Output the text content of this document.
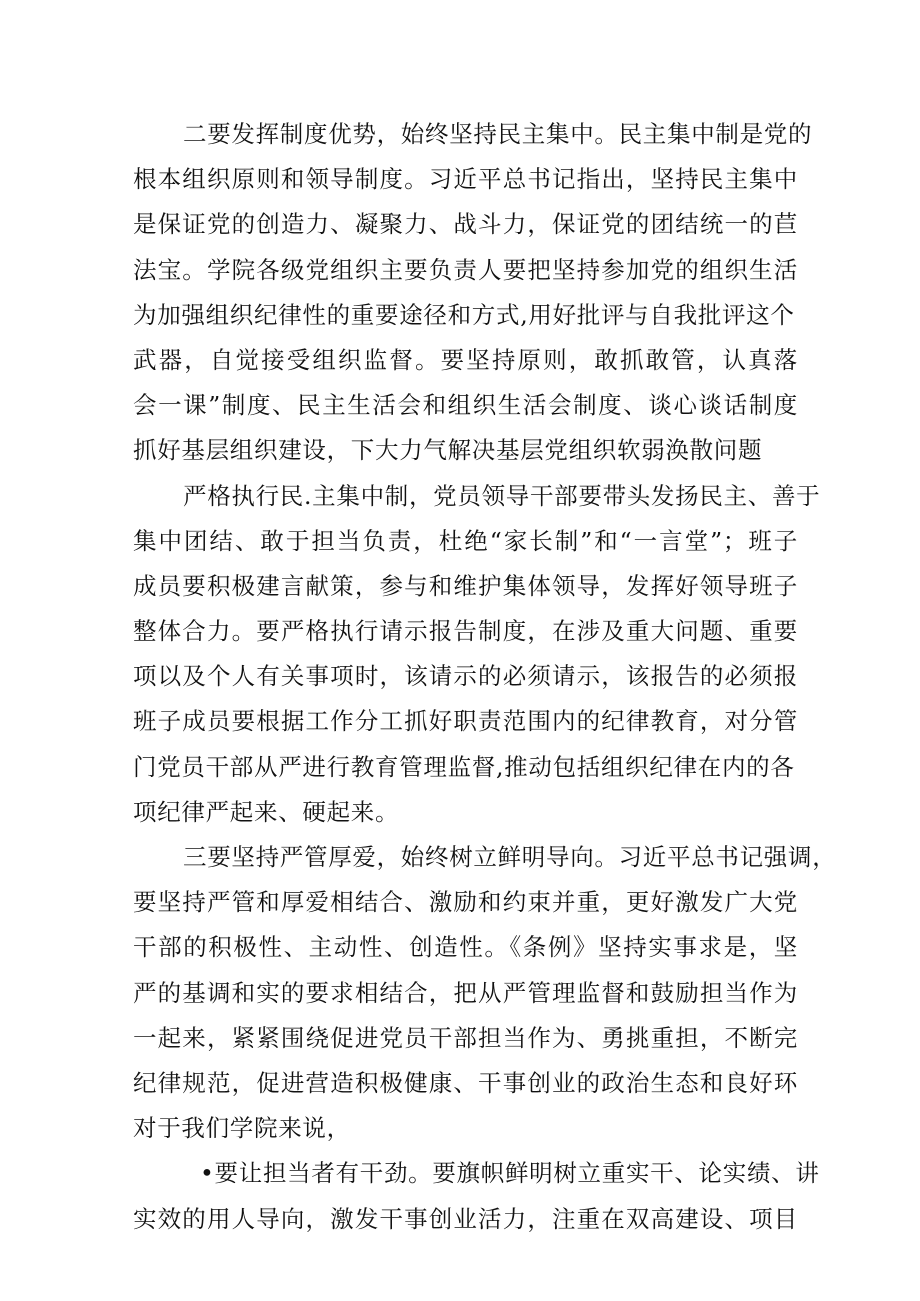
二要发挥制度优势，始终坚持民主集中。民主集中制是党的
根本组织原则和领导制度。习近平总书记指出，坚持民主集中
是保证党的创造力、凝聚力、战斗力，保证党的团结统一的苣
法宝。学院各级党组织主要负责人要把坚持参加党的组织生活
为加强组织纪律性的重要途径和方式,用好批评与自我批评这个
武器，自觉接受组织监督。要坚持原则，敢抓敢管，认真落
会一课”制度、民主生活会和组织生活会制度、谈心谈话制度
抓好基层组织建设，下大力气解决基层党组织软弱涣散问题
严格执行民.主集中制，党员领导干部要带头发扬民主、善于
集中团结、敢于担当负责，杜绝“家长制”和“一言堂”；班子
成员要积极建言献策，参与和维护集体领导，发挥好领导班子
整体合力。要严格执行请示报告制度，在涉及重大问题、重要
项以及个人有关事项时，该请示的必须请示，该报告的必须报
班子成员要根据工作分工抓好职责范围内的纪律教育，对分管
门党员干部从严进行教育管理监督,推动包括组织纪律在内的各
项纪律严起来、硬起来。
三要坚持严管厚爱，始终树立鲜明导向。习近平总书记强调，
要坚持严管和厚爱相结合、激励和约束并重，更好激发广大党
干部的积极性、主动性、创造性。《条例》坚持实事求是，坚
严的基调和实的要求相结合，把从严管理监督和鼓励担当作为
一起来，紧紧围绕促进党员干部担当作为、勇挑重担，不断完
纪律规范，促进营造积极健康、干事创业的政治生态和良好环
对于我们学院来说，
•要让担当者有干劲。要旗帜鲜明树立重实干、论实绩、讲
实效的用人导向，激发干事创业活力，注重在双高建设、项目
